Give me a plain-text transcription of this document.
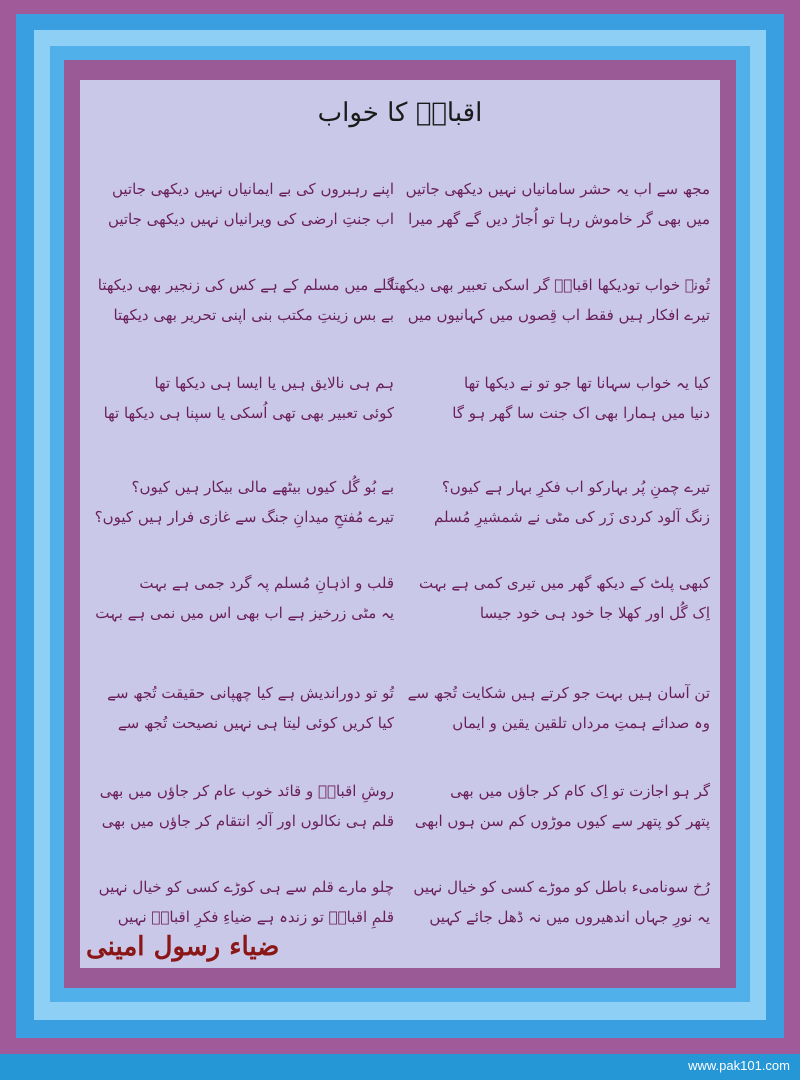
اقبالؒ کا خواب
مجھ سے اب یہ حشر سامانیاں نہیں دیکھی جاتیں
میں بھی گر خاموش رہا تو اُجاڑ دیں گے گھر میرا
اپنے رہبروں کی بے ایمانیاں نہیں دیکھی جاتیں
اب جنتِ ارضی کی ویرانیاں نہیں دیکھی جاتیں
تُونے خواب تودیکھا اقبالؒ گر اسکی تعبیر بھی دیکھتا
تیرے افکار ہیں فقط اب قِصوں میں کہانیوں میں
گلے میں مسلم کے ہے کس کی زنجیر بھی دیکھتا
بے بس زینتِ مکتب بنی اپنی تحریر بھی دیکھتا
کیا یہ خواب سہانا تھا جو تو نے دیکھا تھا
دنیا میں ہمارا بھی اک جنت سا گھر ہو گا
ہم ہی نالایق ہیں یا ایسا ہی دیکھا تھا
کوئی تعبیر بھی تھی اُسکی یا سپنا ہی دیکھا تھا
تیرے چمنِ پُر بہارکو اب فکرِ بہار ہے کیوں؟
زنگ آلود کردی زَر کی مٹی نے شمشیرِ مُسلم
بے بُو گُل کیوں بیٹھے مالی بیکار ہیں کیوں؟
تیرے مُفتحِ میدانِ جنگ سے غازی فرار ہیں کیوں؟
کبھی پلٹ کے دیکھ گھر میں تیری کمی ہے بہت
اِک گُل اور کھلا جا خود ہی خود جیسا
قلب و اذہانِ مُسلم پہ گرد جمی ہے بہت
یہ مٹی زرخیز ہے اب بھی اس میں نمی ہے بہت
تن آسان ہیں بہت جو کرتے ہیں شکایت تُجھ سے
وہ صدائے ہمتِ مرداں تلقین یقین و ایماں
تُو تو دوراندیش ہے کیا چھپانی حقیقت تُجھ سے
کیا کریں کوئی لیتا ہی نہیں نصیحت تُجھ سے
گر ہو اجازت تو اِک کام کر جاؤں میں بھی
پتھر کو پتھر سے کیوں موڑوں کم سن ہوں ابھی
روشِ اقبالؒ و قائد خوب عام کر جاؤں میں بھی
قلم ہی نکالوں اور آلہِ انتقام کر جاؤں میں بھی
رُخ سونامیء باطل کو موڑے کسی کو خیال نہیں
یہ نورِ جہاں اندھیروں میں نہ ڈھل جائے کہیں
چلو مارے قلم سے ہی کوڑے کسی کو خیال نہیں
قلمِ اقبالؒ تو زندہ ہے ضیاءِ فکرِ اقبالؒ نہیں
ضیاء رسول امینی
www.pak101.com
